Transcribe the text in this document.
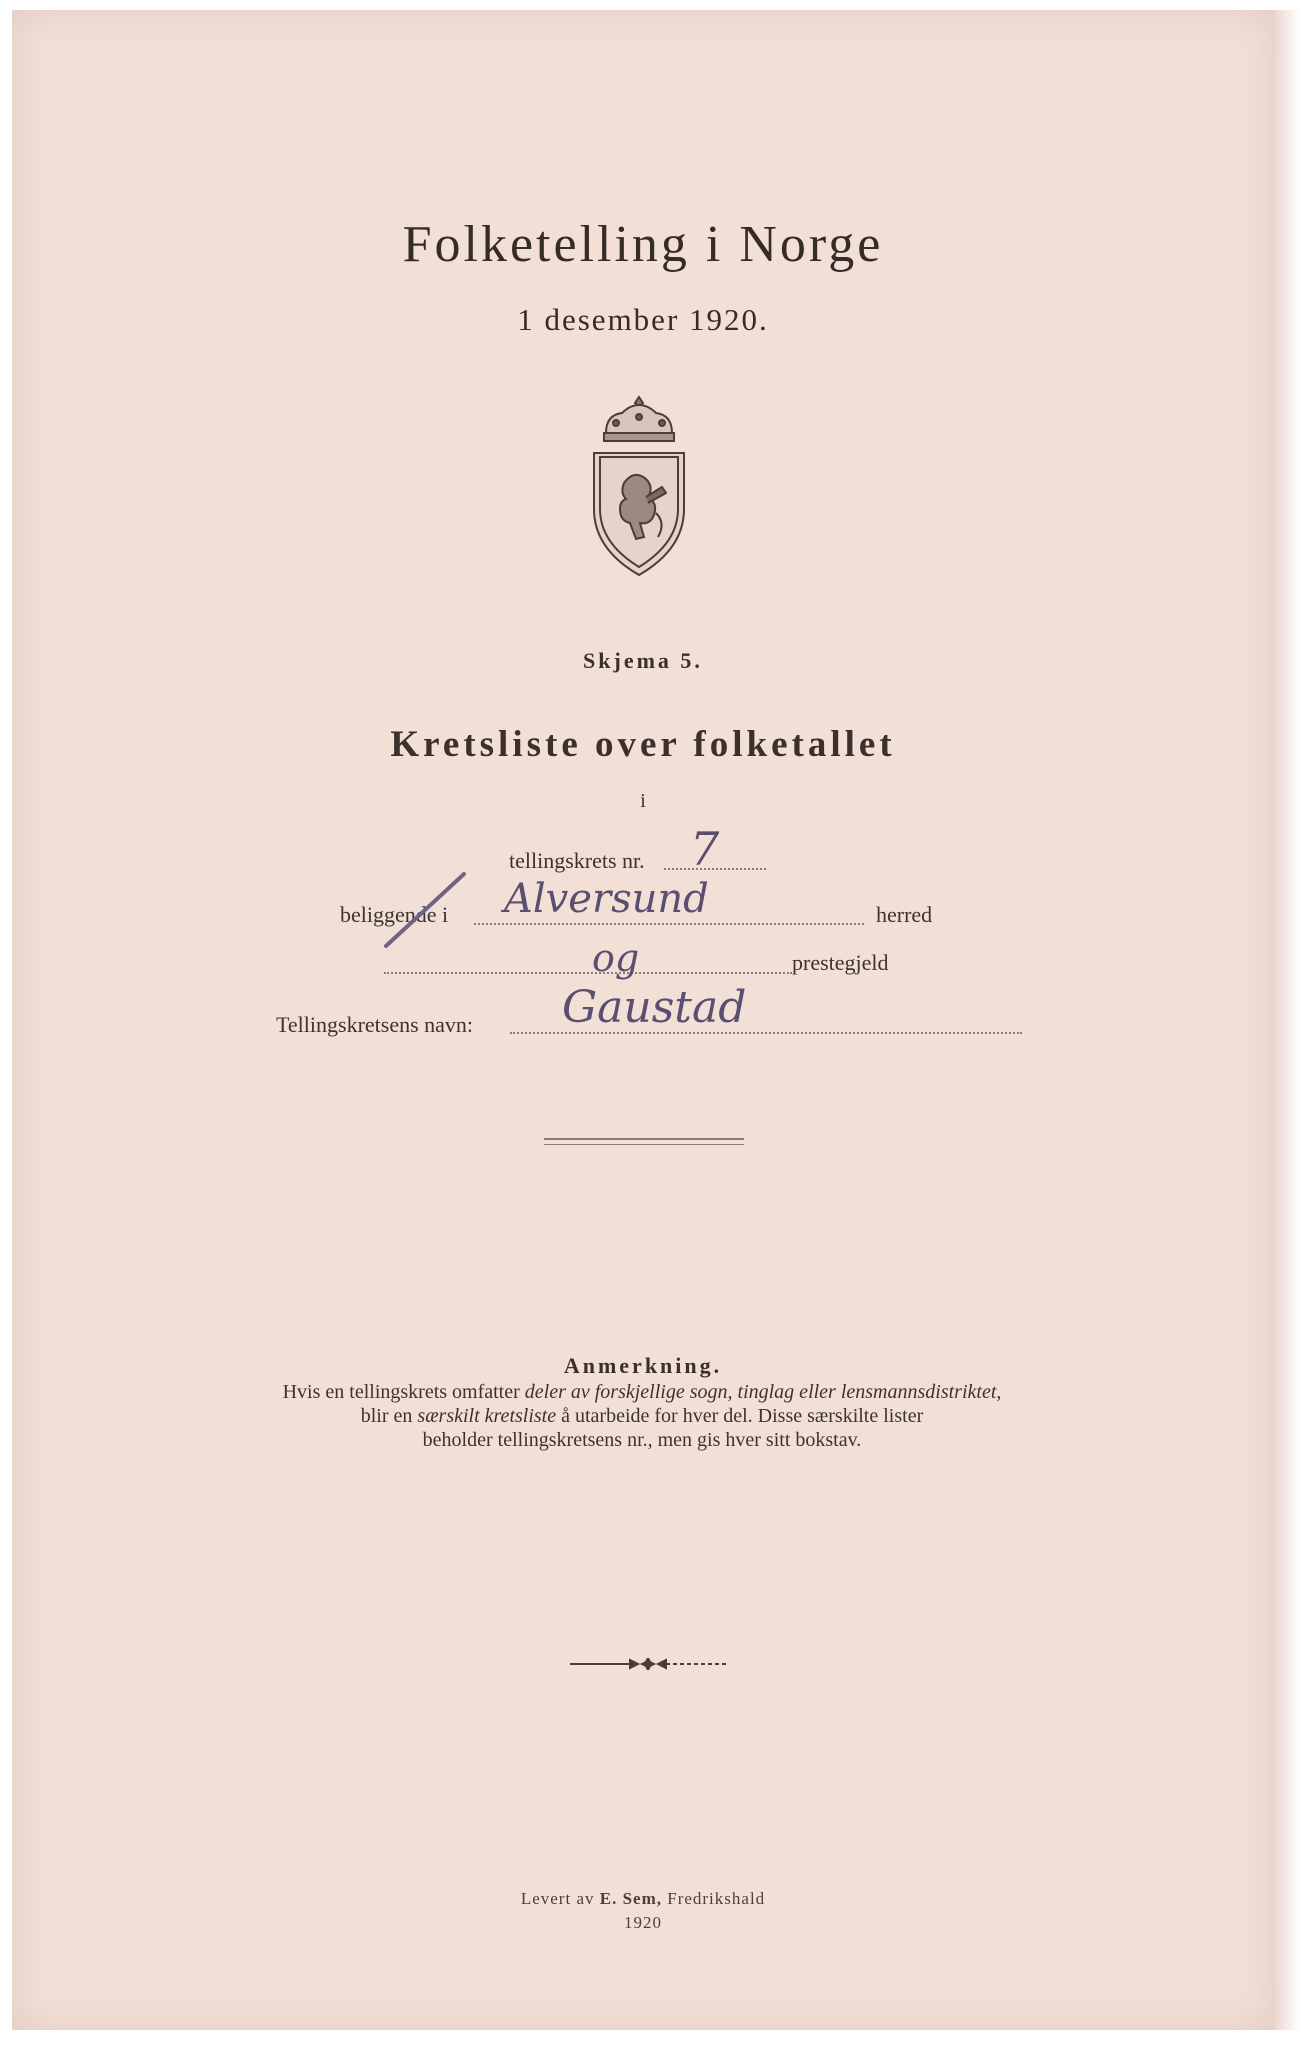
Folketelling i Norge
1 desember 1920.
Skjema 5.
Kretsliste over folketallet
i
tellingskrets nr. 7
beliggende i Alversund	herred
og	prestegjeld
Tellingskretsens navn: Gaustad
Anmerkning.
Hvis en tellingskrets omfatter deler av forskjellige sogn, tinglag eller lensmannsdistriktet,
blir en særskilt kretsliste å utarbeide for hver del. Disse særskilte lister
beholder tellingskretsens nr., men gis hver sitt bokstav.
Levert av E. Sem, Fredrikshald
1920
